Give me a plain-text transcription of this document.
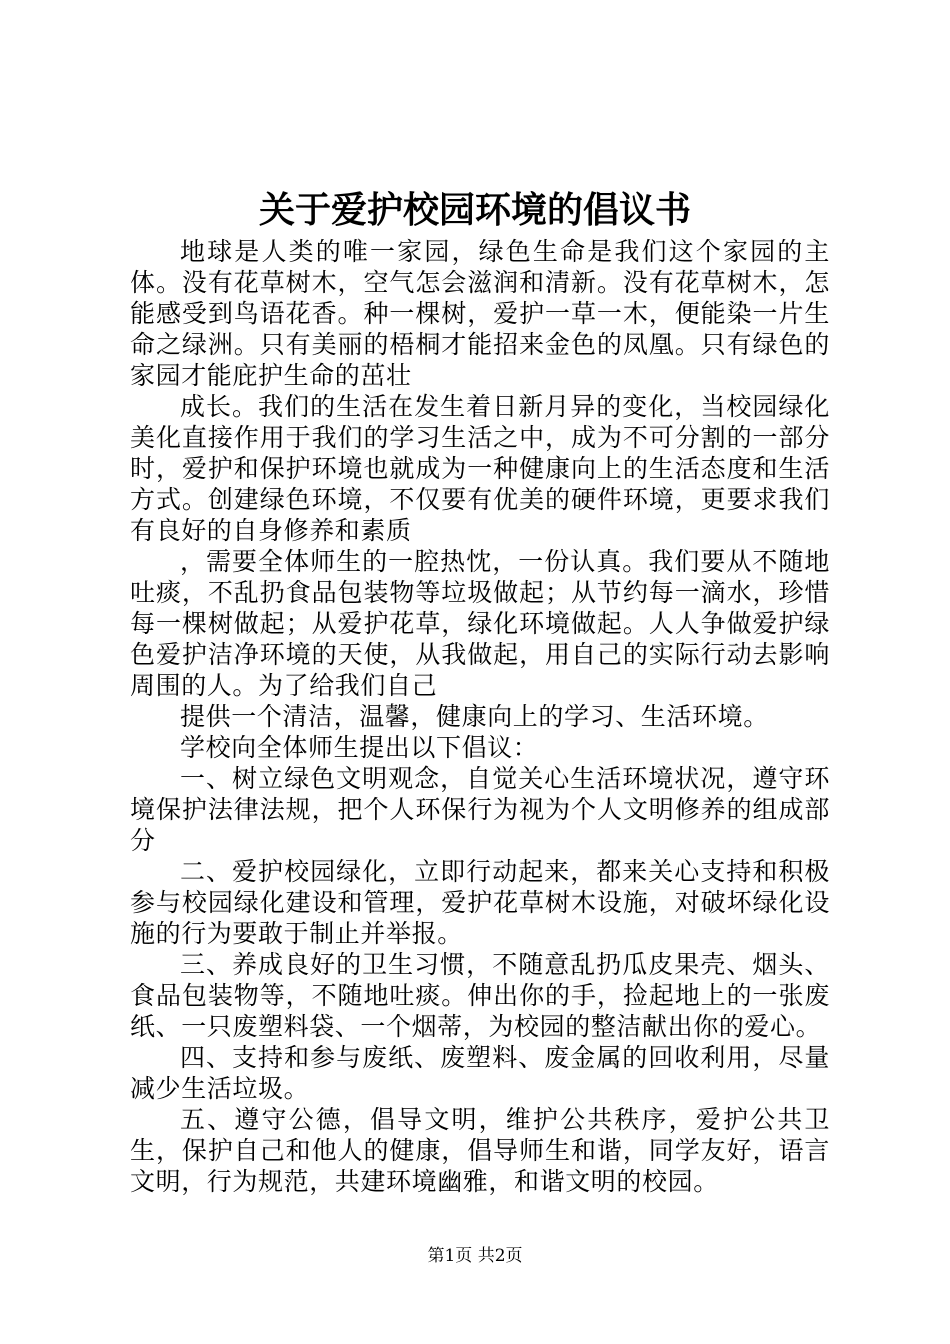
关于爱护校园环境的倡议书

地球是人类的唯一家园，绿色生命是我们这个家园的主体。没有花草树木，空气怎会滋润和清新。没有花草树木，怎能感受到鸟语花香。种一棵树，爱护一草一木，便能染一片生命之绿洲。只有美丽的梧桐才能招来金色的凤凰。只有绿色的家园才能庇护生命的茁壮

成长。我们的生活在发生着日新月异的变化，当校园绿化美化直接作用于我们的学习生活之中，成为不可分割的一部分时，爱护和保护环境也就成为一种健康向上的生活态度和生活方式。创建绿色环境，不仅要有优美的硬件环境，更要求我们有良好的自身修养和素质

，需要全体师生的一腔热忱，一份认真。我们要从不随地吐痰，不乱扔食品包装物等垃圾做起；从节约每一滴水，珍惜每一棵树做起；从爱护花草，绿化环境做起。人人争做爱护绿色爱护洁净环境的天使，从我做起，用自己的实际行动去影响周围的人。为了给我们自己

提供一个清洁，温馨，健康向上的学习、生活环境。

学校向全体师生提出以下倡议：

一、树立绿色文明观念，自觉关心生活环境状况，遵守环境保护法律法规，把个人环保行为视为个人文明修养的组成部分

二、爱护校园绿化，立即行动起来，都来关心支持和积极参与校园绿化建设和管理，爱护花草树木设施，对破坏绿化设施的行为要敢于制止并举报。

三、养成良好的卫生习惯，不随意乱扔瓜皮果壳、烟头、食品包装物等，不随地吐痰。伸出你的手，捡起地上的一张废纸、一只废塑料袋、一个烟蒂，为校园的整洁献出你的爱心。

四、支持和参与废纸、废塑料、废金属的回收利用，尽量减少生活垃圾。

五、遵守公德，倡导文明，维护公共秩序，爱护公共卫生，保护自己和他人的健康，倡导师生和谐，同学友好，语言文明，行为规范，共建环境幽雅，和谐文明的校园。

第1页 共2页
